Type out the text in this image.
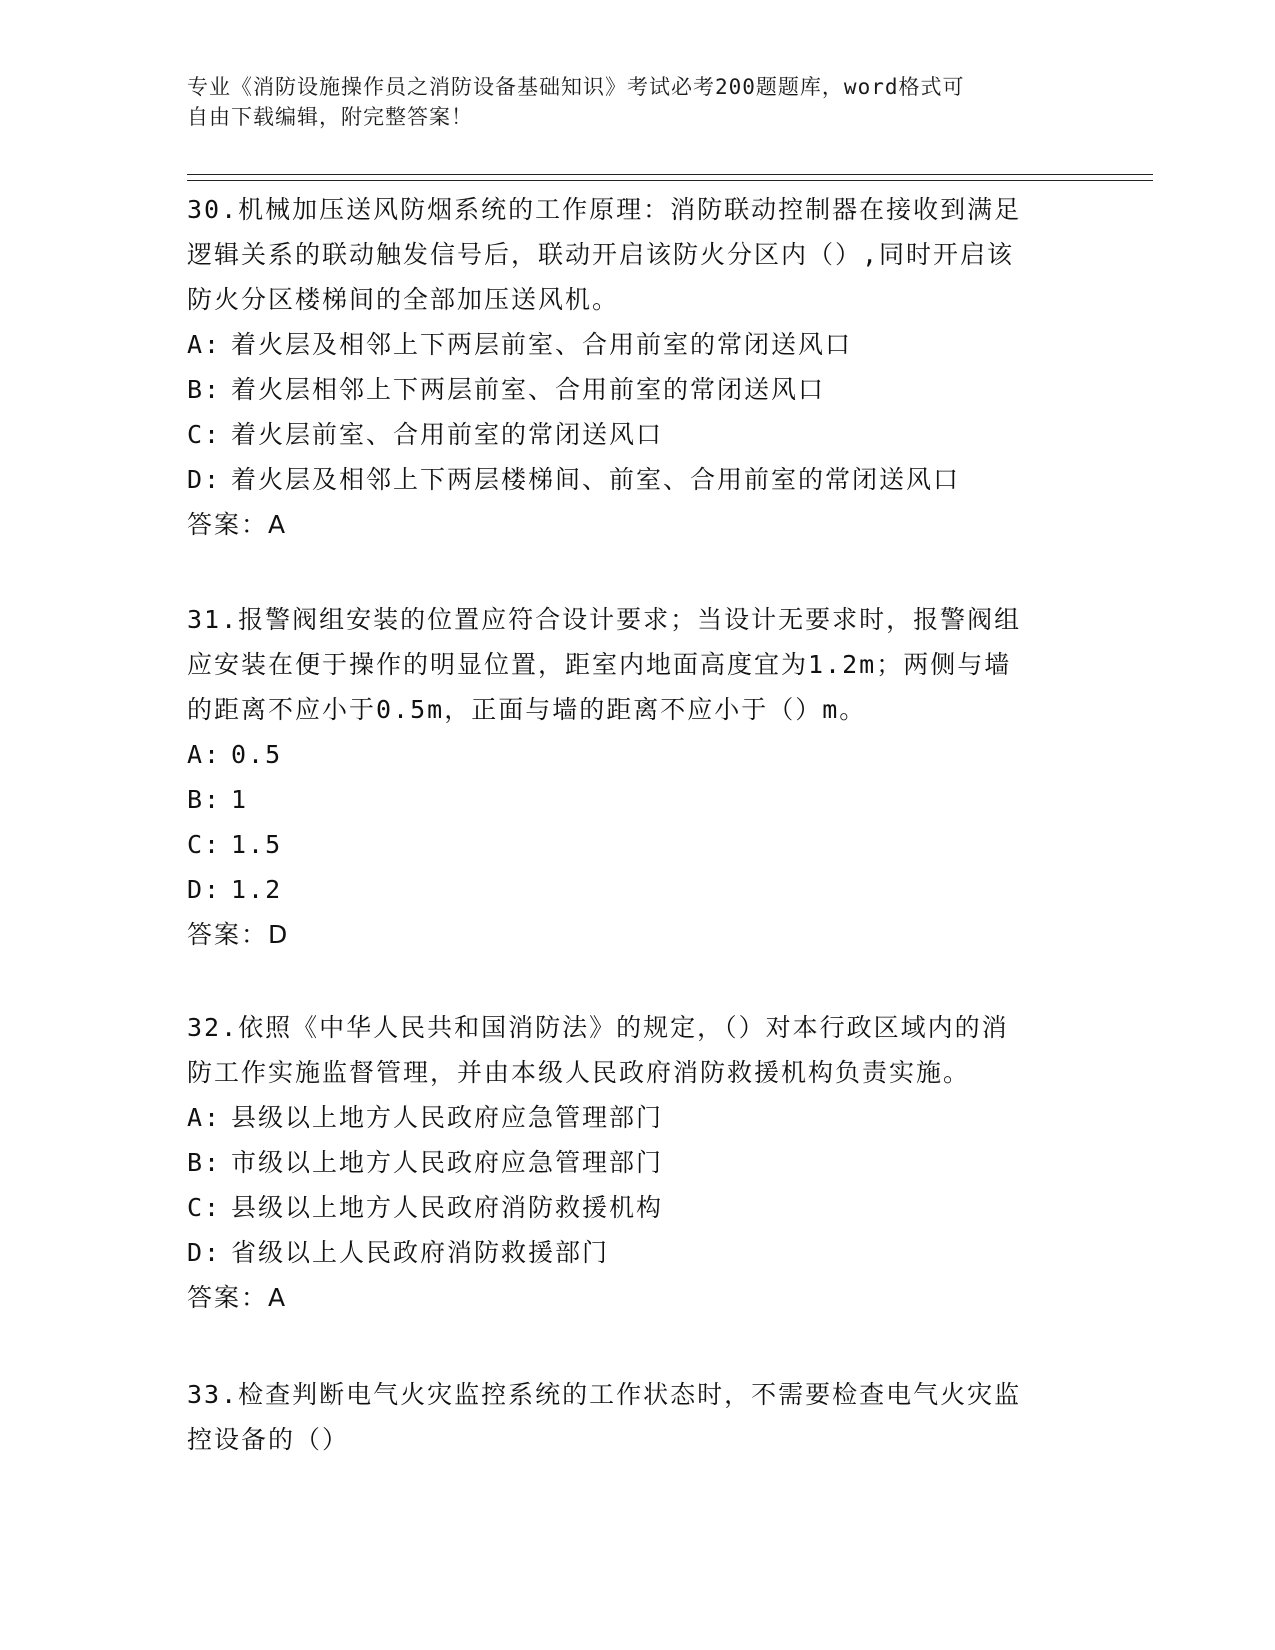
专业《消防设施操作员之消防设备基础知识》考试必考200题题库，word格式可
自由下载编辑，附完整答案！

30.机械加压送风防烟系统的工作原理：消防联动控制器在接收到满足

逻辑关系的联动触发信号后，联动开启该防火分区内（）,同时开启该

防火分区楼梯间的全部加压送风机。

A: 着火层及相邻上下两层前室、合用前室的常闭送风口

B: 着火层相邻上下两层前室、合用前室的常闭送风口

C: 着火层前室、合用前室的常闭送风口

D: 着火层及相邻上下两层楼梯间、前室、合用前室的常闭送风口

答案：A

31.报警阀组安装的位置应符合设计要求；当设计无要求时，报警阀组

应安装在便于操作的明显位置，距室内地面高度宜为1.2m；两侧与墙

的距离不应小于0.5m，正面与墙的距离不应小于（）m。

A: 0.5

B: 1

C: 1.5

D: 1.2

答案：D

32.依照《中华人民共和国消防法》的规定，（）对本行政区域内的消

防工作实施监督管理，并由本级人民政府消防救援机构负责实施。

A: 县级以上地方人民政府应急管理部门

B: 市级以上地方人民政府应急管理部门

C: 县级以上地方人民政府消防救援机构

D: 省级以上人民政府消防救援部门

答案：A

33.检查判断电气火灾监控系统的工作状态时，不需要检查电气火灾监

控设备的（）
